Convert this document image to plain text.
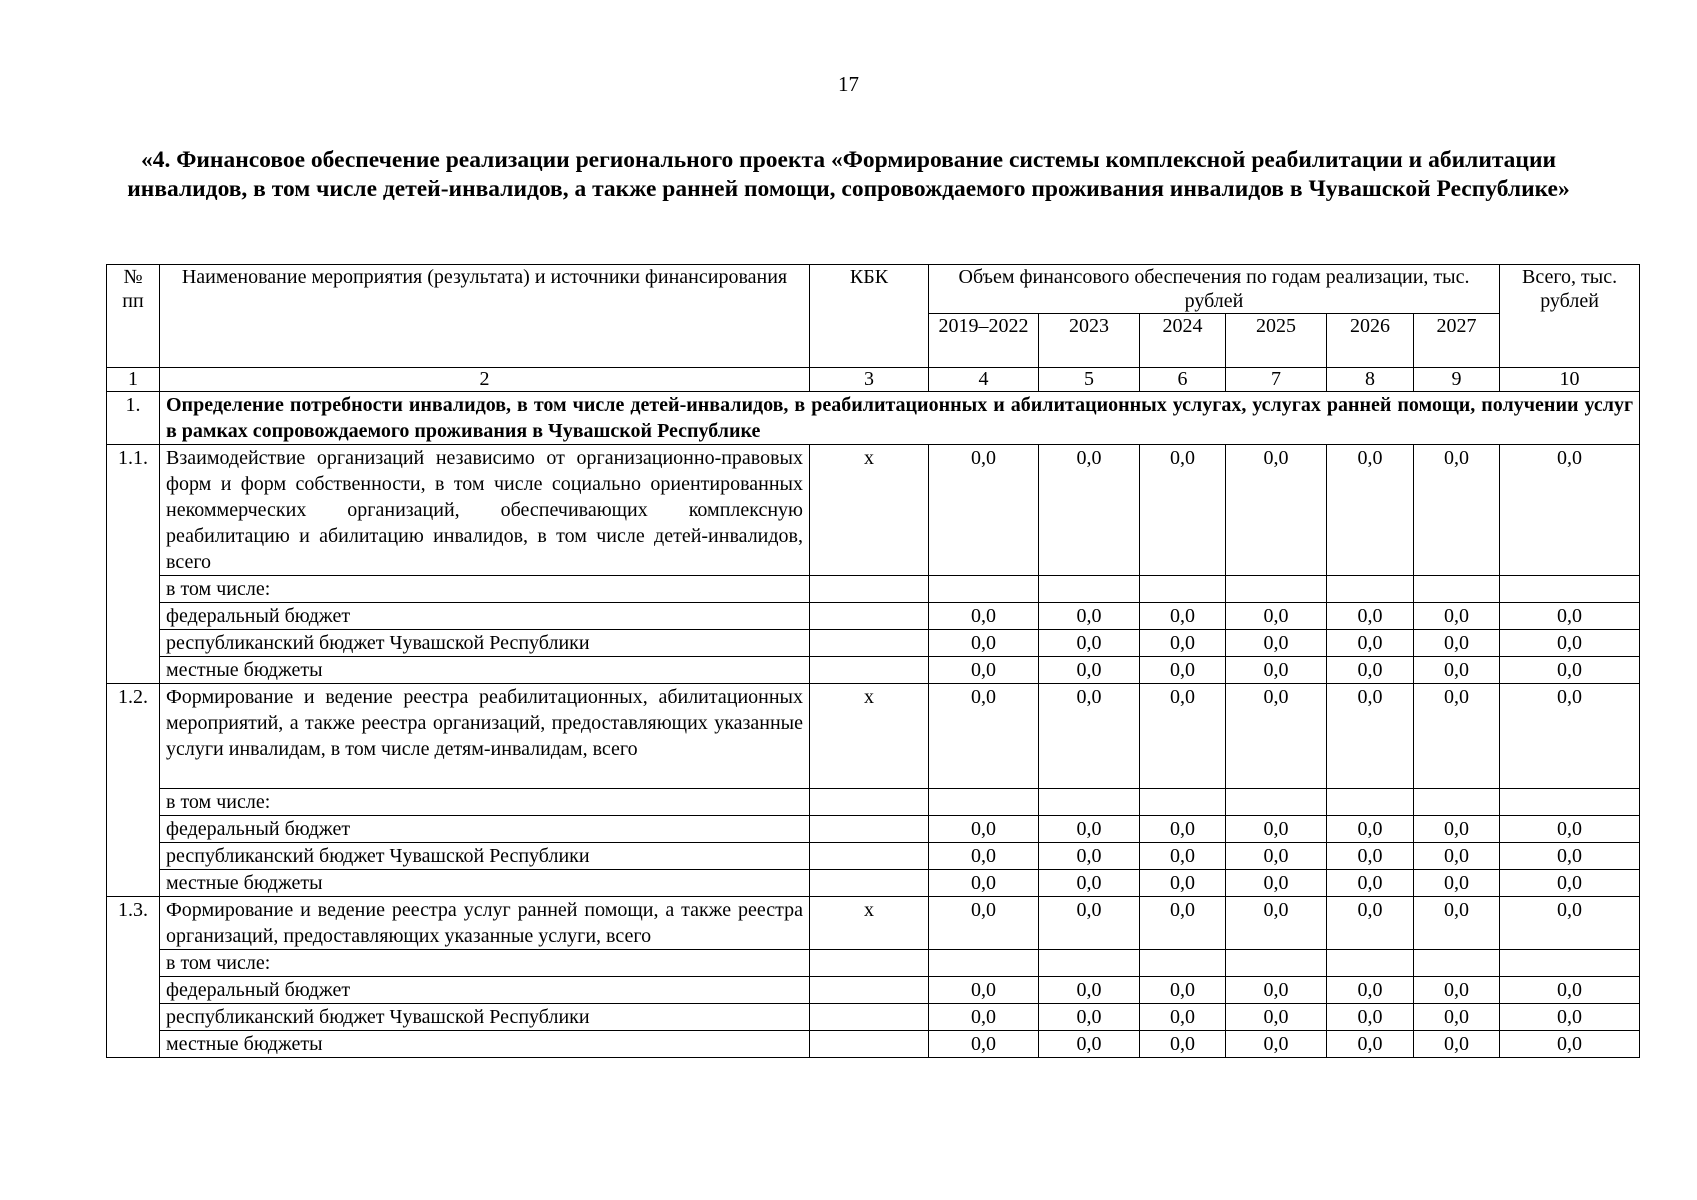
17
«4. Финансовое обеспечение реализации регионального проекта «Формирование системы комплексной реабилитации и абилитации инвалидов, в том числе детей-инвалидов, а также ранней помощи, сопровождаемого проживания инвалидов в Чувашской Республике»
№ пп	Наименование мероприятия (результата) и источники финансирования	КБК	Объем финансового обеспечения по годам реализации, тыс. рублей						Всего, тыс. рублей
			2019–2022	2023	2024	2025	2026	2027	
1	2	3	4	5	6	7	8	9	10
1.	Определение потребности инвалидов, в том числе детей-инвалидов, в реабилитационных и абилитационных услугах, услугах ранней помощи, получении услуг в рамках сопровождаемого проживания в Чувашской Республике								
1.1.	Взаимодействие организаций независимо от организационно-правовых форм и форм собственности, в том числе социально ориентированных некоммерческих организаций, обеспечивающих комплексную реабилитацию и абилитацию инвалидов, в том числе детей-инвалидов, всего	х	0,0	0,0	0,0	0,0	0,0	0,0	0,0
	в том числе:								
	федеральный бюджет		0,0	0,0	0,0	0,0	0,0	0,0	0,0
	республиканский бюджет Чувашской Республики		0,0	0,0	0,0	0,0	0,0	0,0	0,0
	местные бюджеты		0,0	0,0	0,0	0,0	0,0	0,0	0,0
1.2.	Формирование и ведение реестра реабилитационных, абилитационных мероприятий, а также реестра организаций, предоставляющих указанные услуги инвалидам, в том числе детям-инвалидам, всего	х	0,0	0,0	0,0	0,0	0,0	0,0	0,0
	в том числе:								
	федеральный бюджет		0,0	0,0	0,0	0,0	0,0	0,0	0,0
	республиканский бюджет Чувашской Республики		0,0	0,0	0,0	0,0	0,0	0,0	0,0
	местные бюджеты		0,0	0,0	0,0	0,0	0,0	0,0	0,0
1.3.	Формирование и ведение реестра услуг ранней помощи, а также реестра организаций, предоставляющих указанные услуги, всего	х	0,0	0,0	0,0	0,0	0,0	0,0	0,0
	в том числе:								
	федеральный бюджет		0,0	0,0	0,0	0,0	0,0	0,0	0,0
	республиканский бюджет Чувашской Республики		0,0	0,0	0,0	0,0	0,0	0,0	0,0
	местные бюджеты		0,0	0,0	0,0	0,0	0,0	0,0	0,0
